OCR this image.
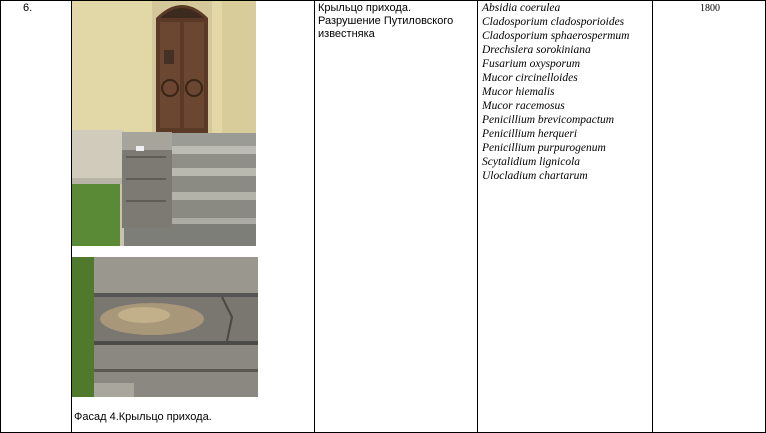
6.
Фасад 4.Крыльцо прихода.
Крыльцо прихода. Разрушение Путиловского известняка
Absidia coerulea
Cladosporium cladosporioides
Cladosporium sphaerospermum
Drechslera sorokiniana
Fusarium oxysporum
Mucor circinelloides
Mucor hiemalis
Mucor racemosus
Penicillium brevicompactum
Penicillium herqueri
Penicillium purpurogenum
Scytalidium lignicola
Ulocladium chartarum
1800
